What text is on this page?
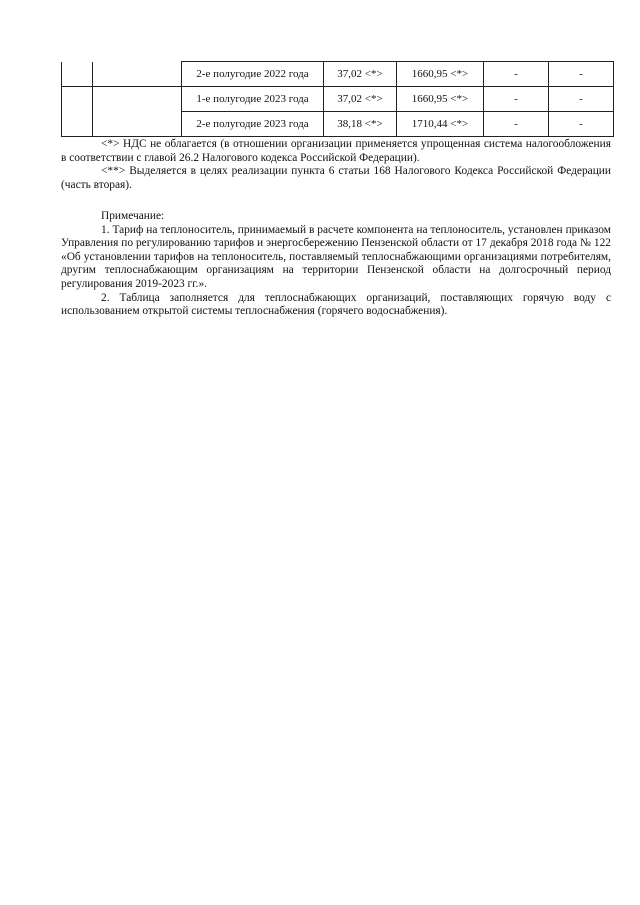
		2-е полугодие 2022 года	37,02 <*>	1660,95 <*>	-	-
		1-е полугодие 2023 года	37,02 <*>	1660,95 <*>	-	-
		2-е полугодие 2023 года	38,18 <*>	1710,44 <*>	-	-

<*> НДС не облагается (в отношении организации применяется упрощенная система налогообложения в соответствии с главой 26.2 Налогового кодекса Российской Федерации).

<**> Выделяется в целях реализации пункта 6 статьи 168 Налогового Кодекса Российской Федерации (часть вторая).

Примечание:

1. Тариф на теплоноситель, принимаемый в расчете компонента на теплоноситель, установлен приказом Управления по регулированию тарифов и энергосбережению Пензенской области от 17 декабря 2018 года № 122 «Об установлении тарифов на теплоноситель, поставляемый теплоснабжающими организациями потребителям, другим теплоснабжающим организациям на территории Пензенской области на долгосрочный период регулирования 2019-2023 гг.».

2. Таблица заполняется для теплоснабжающих организаций, поставляющих горячую воду с использованием открытой системы теплоснабжения (горячего водоснабжения).
